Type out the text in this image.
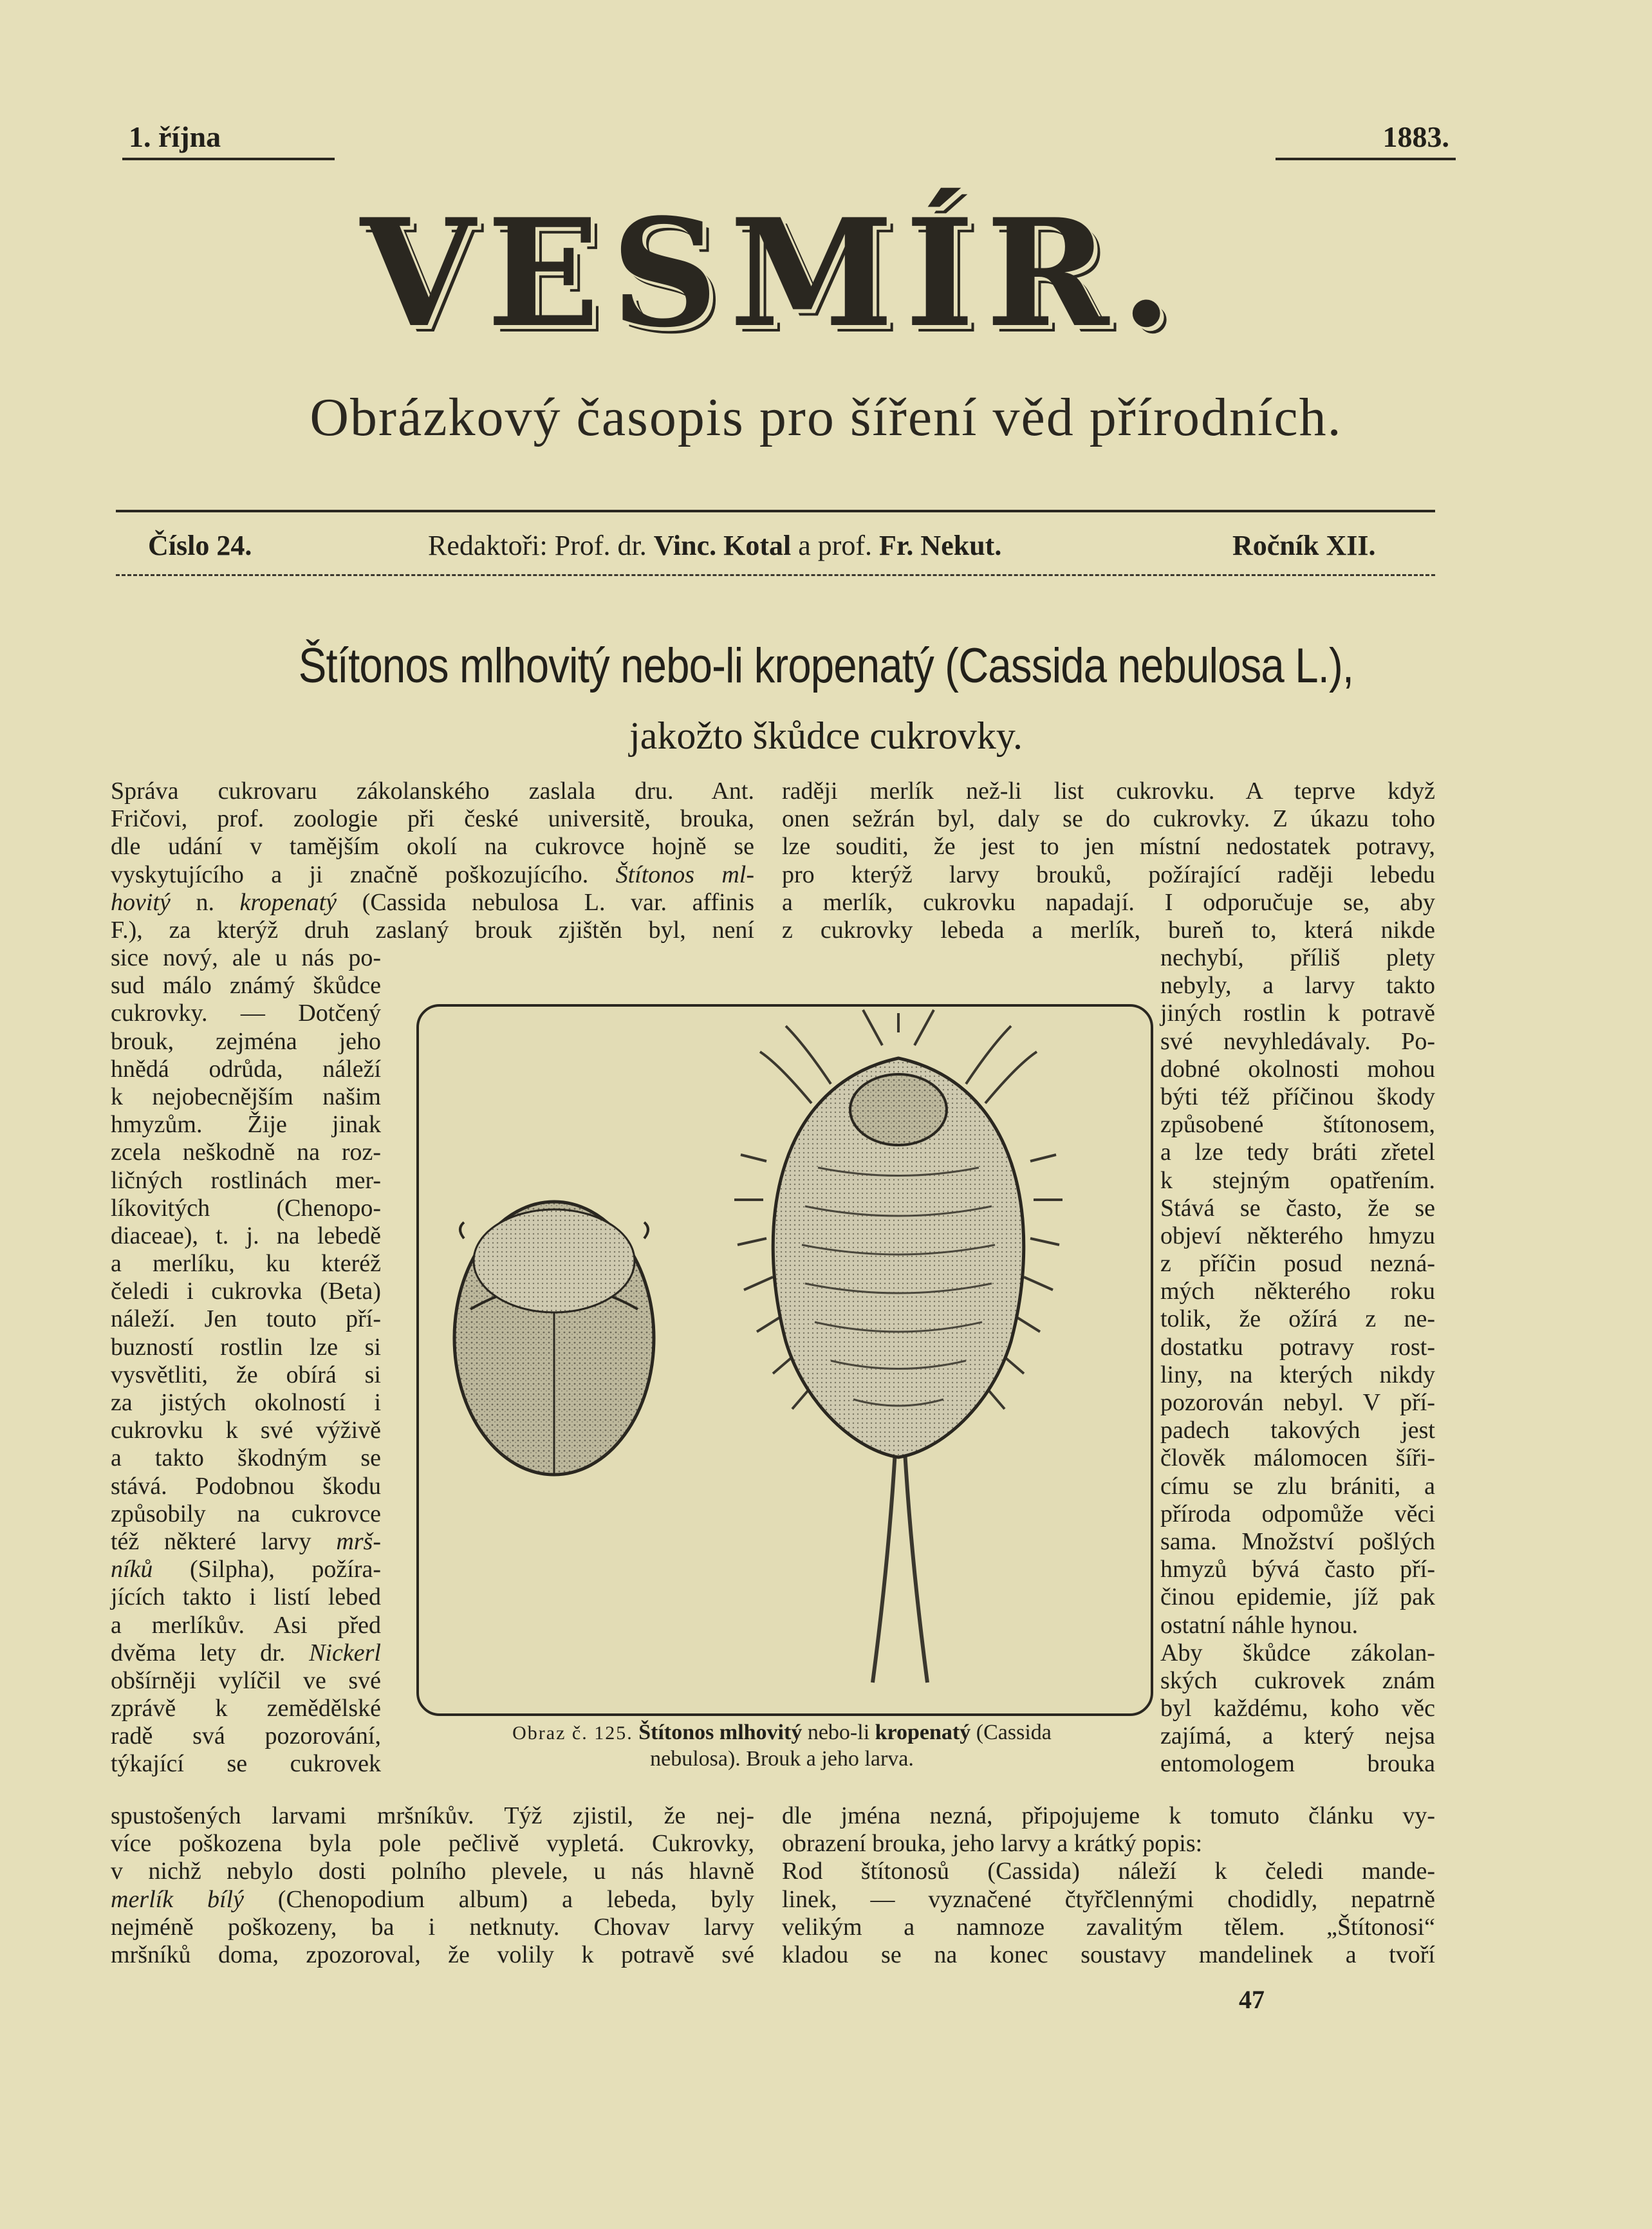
1. října	1883.
VESMÍR.
Obrázkový časopis pro šíření věd přírodních.
Číslo 24.	Redaktoři: Prof. dr. Vinc. Kotal a prof. Fr. Nekut.	Ročník XII.
Štítonos mlhovitý nebo-li kropenatý (Cassida nebulosa L.),
jakožto škůdce cukrovky.
Správa cukrovaru zákolanského zaslala dru. Ant.
Fričovi, prof. zoologie při české universitě, brouka,
dle udání v tamějším okolí na cukrovce hojně se
vyskytujícího a ji značně poškozujícího. Štítonos ml-
hovitý n. kropenatý (Cassida nebulosa L. var. affinis
F.), za kterýž druh zaslaný brouk zjištěn byl, není
raději merlík než-li list cukrovku. A teprve když
onen sežrán byl, daly se do cukrovky. Z úkazu toho
lze souditi, že jest to jen místní nedostatek potravy,
pro kterýž larvy brouků, požírající raději lebedu
a merlík, cukrovku napadají. I odporučuje se, aby
z cukrovky lebeda a merlík, bureň to, která nikde
sice nový, ale u nás po-
sud málo známý škůdce
cukrovky. — Dotčený
brouk, zejména jeho
hnědá odrůda, náleží
k nejobecnějším našim
hmyzům. Žije jinak
zcela neškodně na roz-
ličných rostlinách mer-
líkovitých (Chenopo-
diaceae), t. j. na lebedě
a merlíku, ku kteréž
čeledi i cukrovka (Beta)
náleží. Jen touto pří-
buzností rostlin lze si
vysvětliti, že obírá si
za jistých okolností i
cukrovku k své výživě
a takto škodným se
stává. Podobnou škodu
způsobily na cukrovce
též některé larvy mrš-
níků (Silpha), požíra-
jících takto i listí lebed
a merlíkův. Asi před
dvěma lety dr. Nickerl
obšírněji vylíčil ve své
zprávě k zemědělské
radě svá pozorování,
týkající se cukrovek
nechybí, příliš plety
nebyly, a larvy takto
jiných rostlin k potravě
své nevyhledávaly. Po-
dobné okolnosti mohou
býti též příčinou škody
způsobené štítonosem,
a lze tedy bráti zřetel
k stejným opatřením.
Stává se často, že se
objeví některého hmyzu
z příčin posud nezná-
mých některého roku
tolik, že ožírá z ne-
dostatku potravy rost-
liny, na kterých nikdy
pozorován nebyl. V pří-
padech takových jest
člověk málomocen šíři-
címu se zlu brániti, a
příroda odpomůže věci
sama. Množství pošlých
hmyzů bývá často pří-
činou epidemie, jíž pak
ostatní náhle hynou.
Aby škůdce zákolan-
ských cukrovek znám
byl každému, koho věc
zajímá, a který nejsa
entomologem brouka
Obraz č. 125. Štítonos mlhovitý nebo-li kropenatý (Cassida
nebulosa). Brouk a jeho larva.
spustošených larvami mršníkův. Týž zjistil, že nej-
více poškozena byla pole pečlivě vypletá. Cukrovky,
v nichž nebylo dosti polního plevele, u nás hlavně
merlík bílý (Chenopodium album) a lebeda, byly
nejméně poškozeny, ba i netknuty. Chovav larvy
mršníků doma, zpozoroval, že volily k potravě své
dle jména nezná, připojujeme k tomuto článku vy-
obrazení brouka, jeho larvy a krátký popis:
Rod štítonosů (Cassida) náleží k čeledi mande-
linek, — vyznačené čtyřčlennými chodidly, nepatrně
velikým a namnoze zavalitým tělem. „Štítonosi“
kladou se na konec soustavy mandelinek a tvoří
47
